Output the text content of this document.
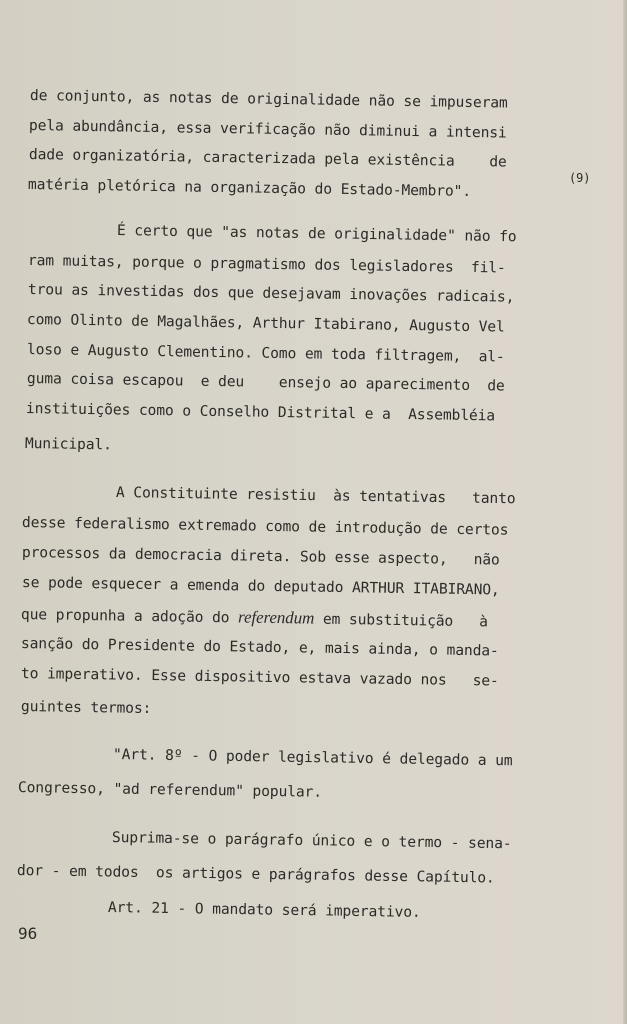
de conjunto, as notas de originalidade não se impuseram
pela abundância, essa verificação não diminui a intensi
dade organizatória, caracterizada pela existência    de
matéria pletórica na organização do Estado-Membro".	(9)
É certo que "as notas de originalidade" não fo
ram muitas, porque o pragmatismo dos legisladores  fil-
trou as investidas dos que desejavam inovações radicais,
como Olinto de Magalhães, Arthur Itabirano, Augusto Vel
loso e Augusto Clementino. Como em toda filtragem,  al-
guma coisa escapou  e deu    ensejo ao aparecimento  de
instituições como o Conselho Distrital e a  Assembléia
Municipal.
A Constituinte resistiu  às tentativas   tanto
desse federalismo extremado como de introdução de certos
processos da democracia direta. Sob esse aspecto,   não
se pode esquecer a emenda do deputado ARTHUR ITABIRANO,
que propunha a adoção do referendum em substituição   à
sanção do Presidente do Estado, e, mais ainda, o manda-
to imperativo. Esse dispositivo estava vazado nos   se-
guintes termos:
"Art. 8º - O poder legislativo é delegado a um
Congresso, "ad referendum" popular.
Suprima-se o parágrafo único e o termo - sena-
dor - em todos  os artigos e parágrafos desse Capítulo.
Art. 21 - O mandato será imperativo.
96
